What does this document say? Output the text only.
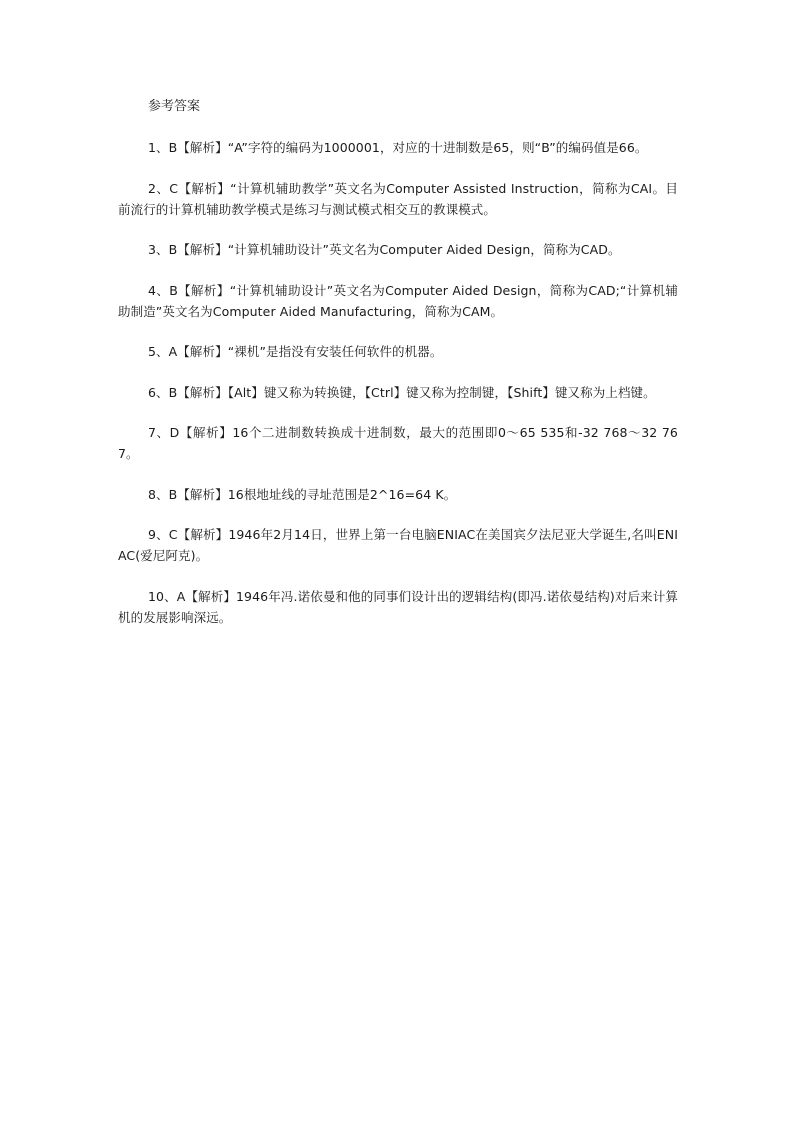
参考答案

1、B【解析】“A”字符的编码为1000001，对应的十进制数是65，则“B”的编码值是66。

2、C【解析】“计算机辅助教学”英文名为Computer Assisted Instruction，简称为CAI。目前流行的计算机辅助教学模式是练习与测试模式相交互的教课模式。

3、B【解析】“计算机辅助设计”英文名为Computer Aided Design，简称为CAD。

4、B【解析】“计算机辅助设计”英文名为Computer Aided Design，简称为CAD;“计算机辅助制造”英文名为Computer Aided Manufacturing，简称为CAM。

5、A【解析】“裸机”是指没有安装任何软件的机器。

6、B【解析】【Alt】键又称为转换键，【Ctrl】键又称为控制键，【Shift】键又称为上档键。

7、D【解析】16个二进制数转换成十进制数，最大的范围即0～65 535和-32 768～32 767。

8、B【解析】16根地址线的寻址范围是2^16=64 K。

9、C【解析】1946年2月14日，世界上第一台电脑ENIAC在美国宾夕法尼亚大学诞生,名叫ENIAC(爱尼阿克)。

10、A【解析】1946年冯.诺依曼和他的同事们设计出的逻辑结构(即冯.诺依曼结构)对后来计算机的发展影响深远。
